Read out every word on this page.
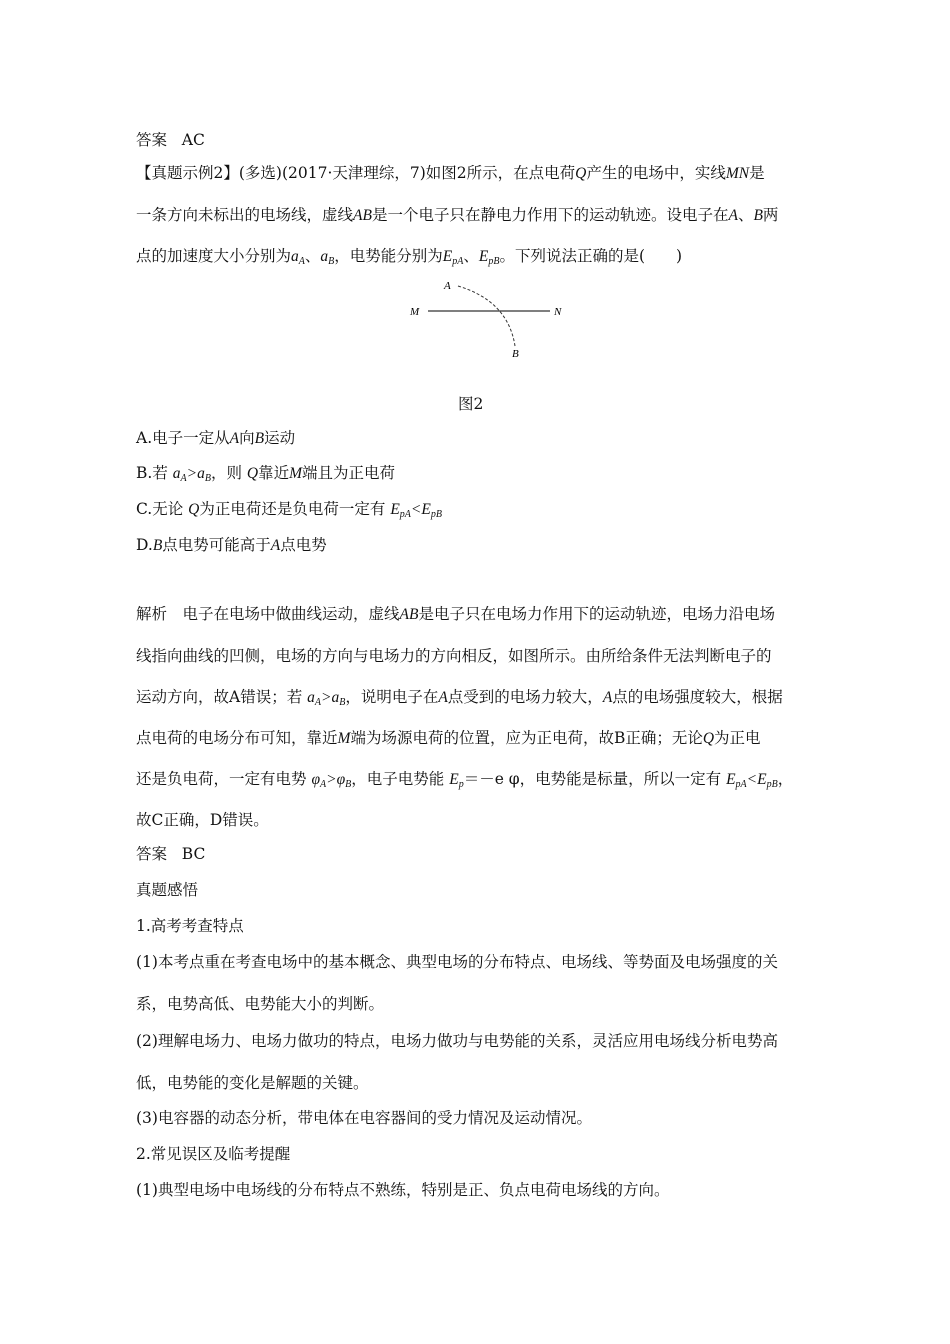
答案 AC
【真题示例2】(多选)(2017·天津理综，7)如图2所示，在点电荷Q产生的电场中，实线MN是
一条方向未标出的电场线，虚线AB是一个电子只在静电力作用下的运动轨迹。设电子在A、B两
点的加速度大小分别为$a_A$、$a_B$，电势能分别为$E_{pA}$、$E_{pB}$。下列说法正确的是(　　)
A
M	N
B
图2
A.电子一定从A向B运动
B.若 $a_A>a_B$，则 Q靠近M端且为正电荷
C.无论 Q为正电荷还是负电荷一定有 $E_{pA}<E_{pB}$
D.B点电势可能高于A点电势
解析　电子在电场中做曲线运动，虚线AB是电子只在电场力作用下的运动轨迹，电场力沿电场
线指向曲线的凹侧，电场的方向与电场力的方向相反，如图所示。由所给条件无法判断电子的
运动方向，故A错误；若 $a_A>a_B$，说明电子在A点受到的电场力较大，A点的电场强度较大，根据
点电荷的电场分布可知，靠近M端为场源电荷的位置，应为正电荷，故B正确；无论Q为正电
还是负电荷，一定有电势 $\varphi_A>\varphi_B$，电子电势能 $E_p=-e$ φ，电势能是标量，所以一定有 $E_{pA}<E_{pB}$，
故C正确，D错误。
答案 BC
真题感悟
1.高考考查特点
(1)本考点重在考查电场中的基本概念、典型电场的分布特点、电场线、等势面及电场强度的关
系，电势高低、电势能大小的判断。
(2)理解电场力、电场力做功的特点，电场力做功与电势能的关系，灵活应用电场线分析电势高
低，电势能的变化是解题的关键。
(3)电容器的动态分析，带电体在电容器间的受力情况及运动情况。
2.常见误区及临考提醒
(1)典型电场中电场线的分布特点不熟练，特别是正、负点电荷电场线的方向。
